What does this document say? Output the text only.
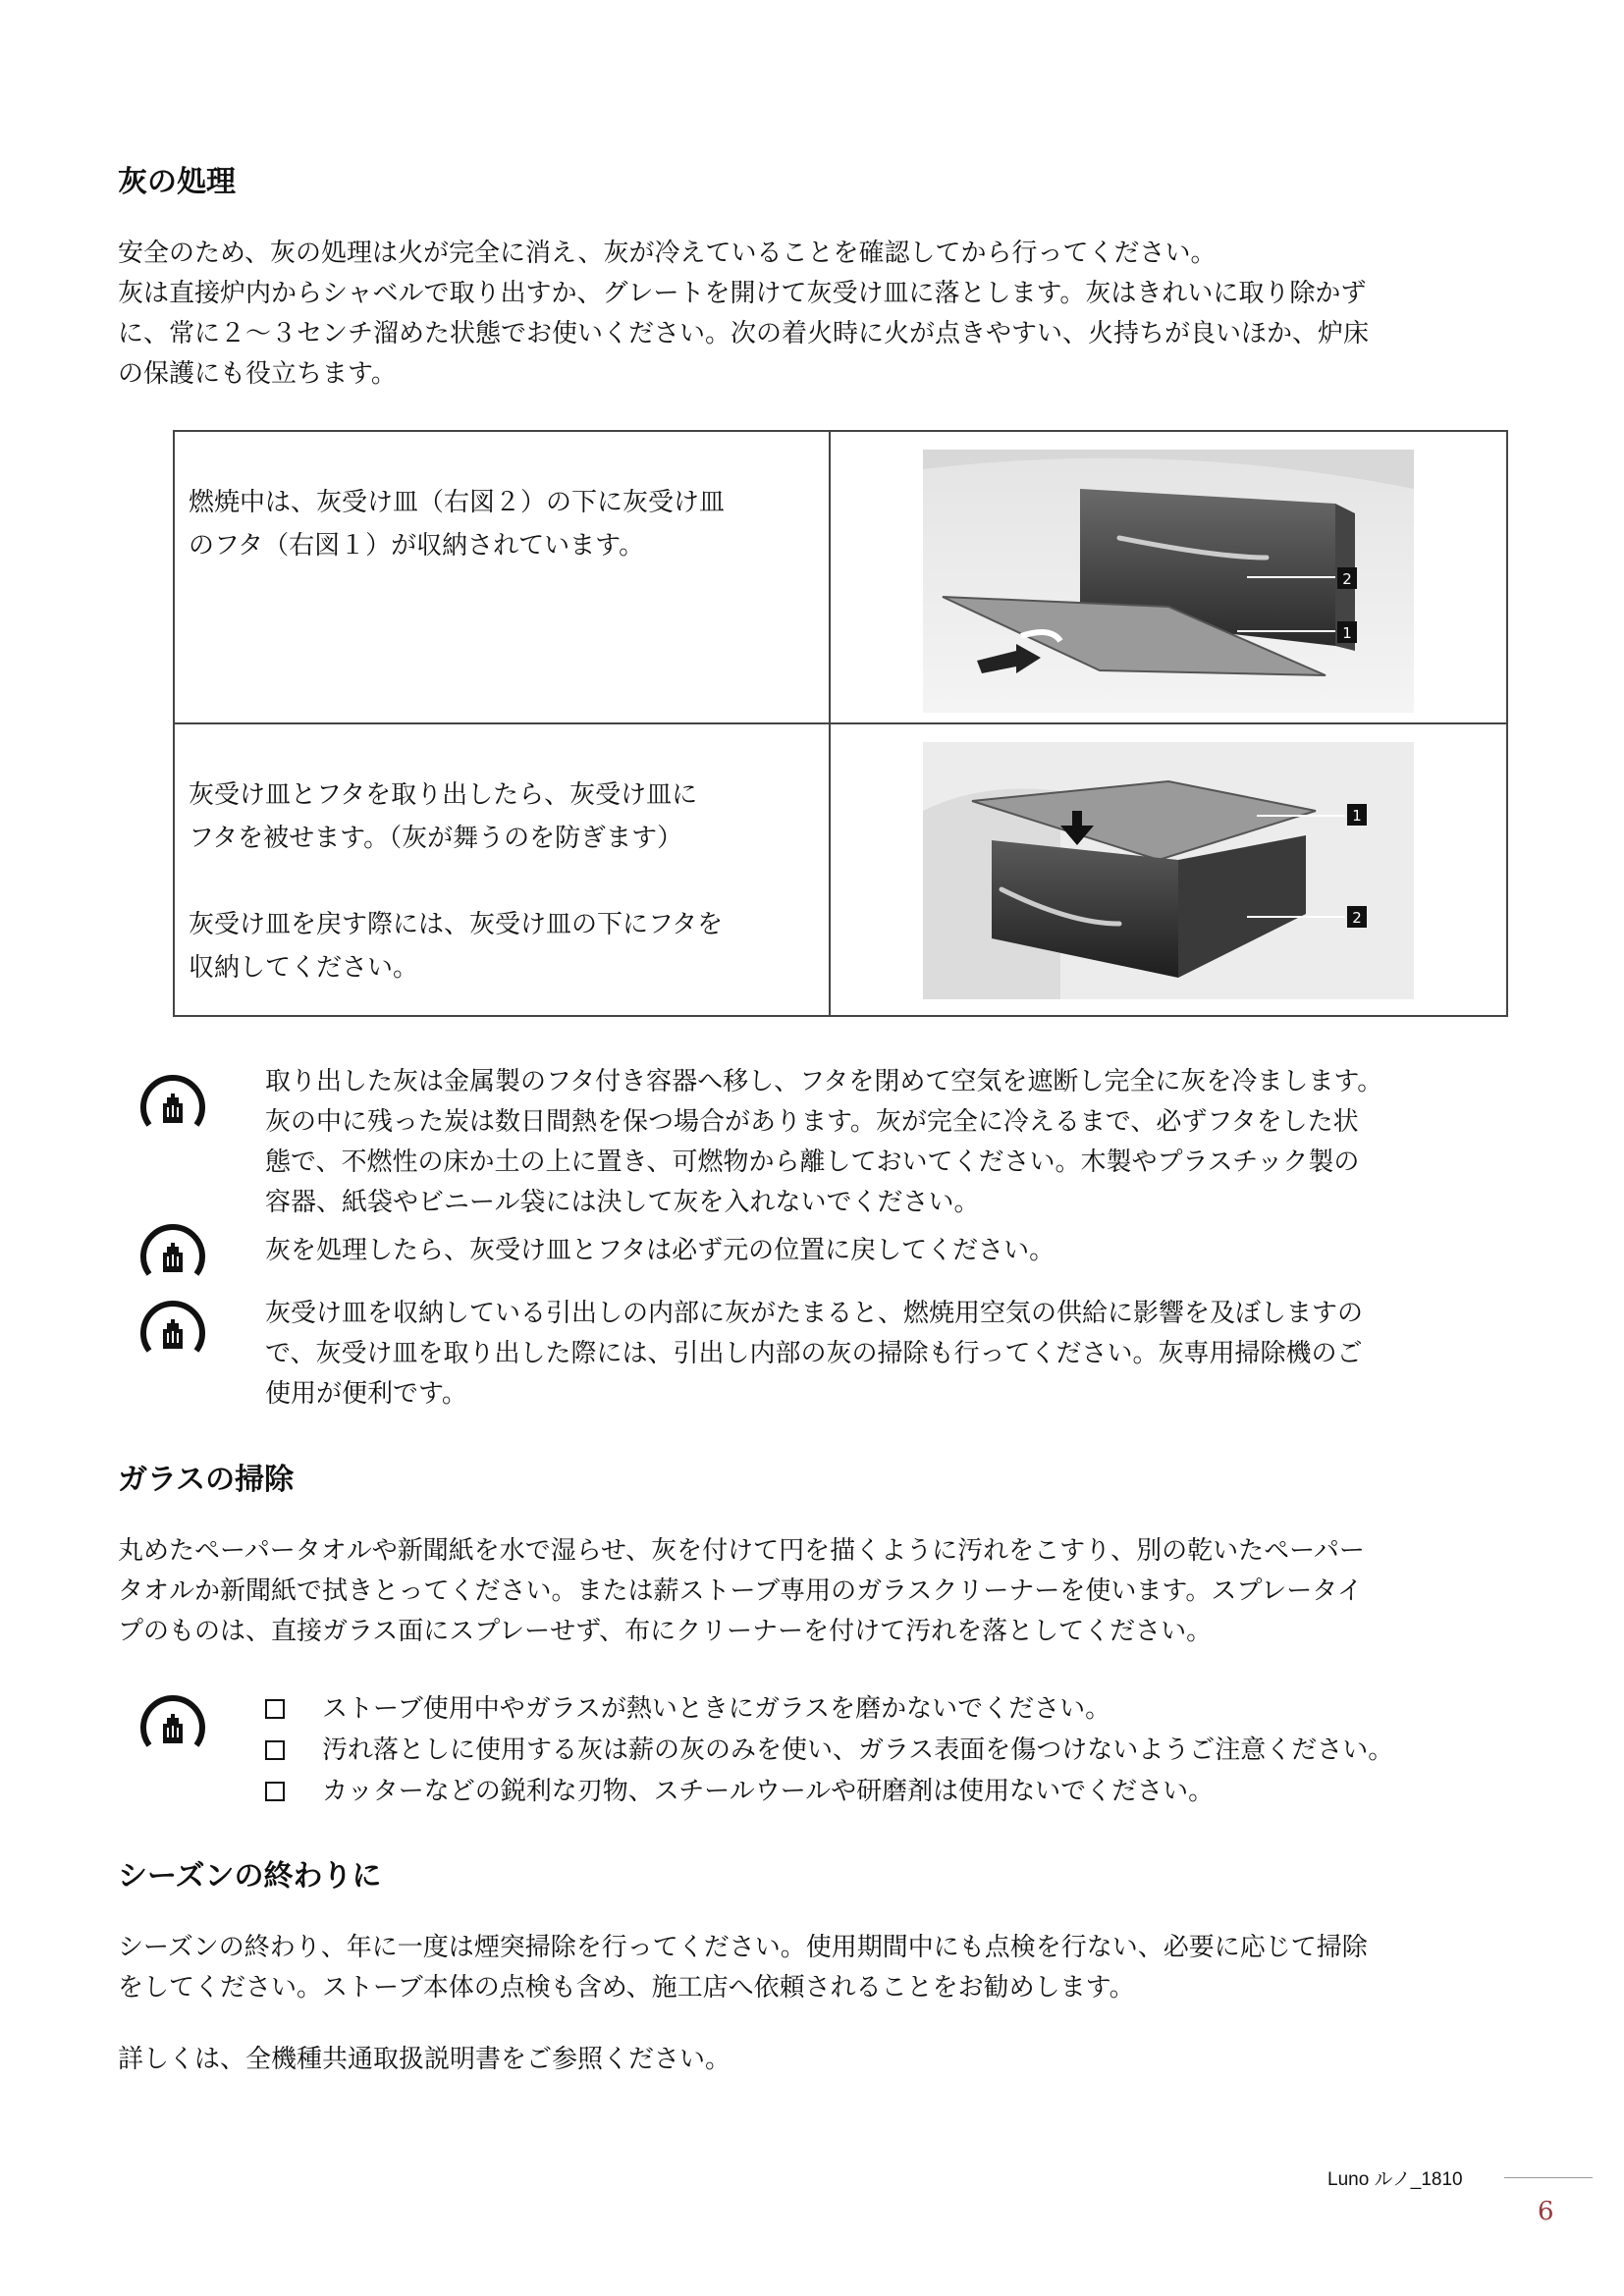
灰の処理

安全のため、灰の処理は火が完全に消え、灰が冷えていることを確認してから行ってください。
灰は直接炉内からシャベルで取り出すか、グレートを開けて灰受け皿に落とします。灰はきれいに取り除かず
に、常に２～３センチ溜めた状態でお使いください。次の着火時に火が点きやすい、火持ちが良いほか、炉床
の保護にも役立ちます。

燃焼中は、灰受け皿（右図２）の下に灰受け皿
のフタ（右図１）が収納されています。	2
1

灰受け皿とフタを取り出したら、灰受け皿に
フタを被せます。（灰が舞うのを防ぎます）
灰受け皿を戻す際には、灰受け皿の下にフタを
収納してください。	1
2

取り出した灰は金属製のフタ付き容器へ移し、フタを閉めて空気を遮断し完全に灰を冷まします。
灰の中に残った炭は数日間熱を保つ場合があります。灰が完全に冷えるまで、必ずフタをした状
態で、不燃性の床か土の上に置き、可燃物から離しておいてください。木製やプラスチック製の
容器、紙袋やビニール袋には決して灰を入れないでください。

灰を処理したら、灰受け皿とフタは必ず元の位置に戻してください。

灰受け皿を収納している引出しの内部に灰がたまると、燃焼用空気の供給に影響を及ぼしますの
で、灰受け皿を取り出した際には、引出し内部の灰の掃除も行ってください。灰専用掃除機のご
使用が便利です。

ガラスの掃除

丸めたペーパータオルや新聞紙を水で湿らせ、灰を付けて円を描くように汚れをこすり、別の乾いたペーパー
タオルか新聞紙で拭きとってください。または薪ストーブ専用のガラスクリーナーを使います。スプレータイ
プのものは、直接ガラス面にスプレーせず、布にクリーナーを付けて汚れを落としてください。

ストーブ使用中やガラスが熱いときにガラスを磨かないでください。
汚れ落としに使用する灰は薪の灰のみを使い、ガラス表面を傷つけないようご注意ください。
カッターなどの鋭利な刃物、スチールウールや研磨剤は使用ないでください。
シーズンの終わりに

シーズンの終わり、年に一度は煙突掃除を行ってください。使用期間中にも点検を行ない、必要に応じて掃除
をしてください。ストーブ本体の点検も含め、施工店へ依頼されることをお勧めします。

詳しくは、全機種共通取扱説明書をご参照ください。

Luno ルノ_1810
6
